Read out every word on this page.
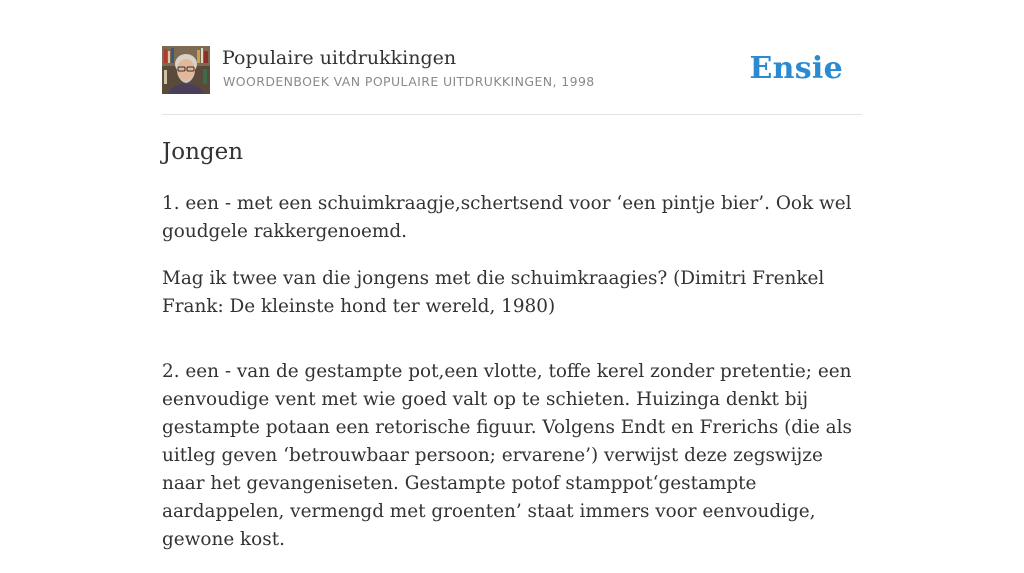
Populaire uitdrukkingen
WOORDENBOEK VAN POPULAIRE UITDRUKKINGEN, 1998	Ensie
Jongen

1. een - met een schuimkraagje,schertsend voor ‘een pintje bier’. Ook wel goudgele rakkergenoemd.

Mag ik twee van die jongens met die schuimkraagies? (Dimitri Frenkel Frank: De kleinste hond ter wereld, 1980)

2. een - van de gestampte pot,een vlotte, toffe kerel zonder pretentie; een eenvoudige vent met wie goed valt op te schieten. Huizinga denkt bij gestampte potaan een retorische figuur. Volgens Endt en Frerichs (die als uitleg geven ‘betrouwbaar persoon; ervarene’) verwijst deze zegswijze naar het gevangeniseten. Gestampte potof stamppot‘gestampte aardappelen, vermengd met groenten’ staat immers voor eenvoudige, gewone kost.
